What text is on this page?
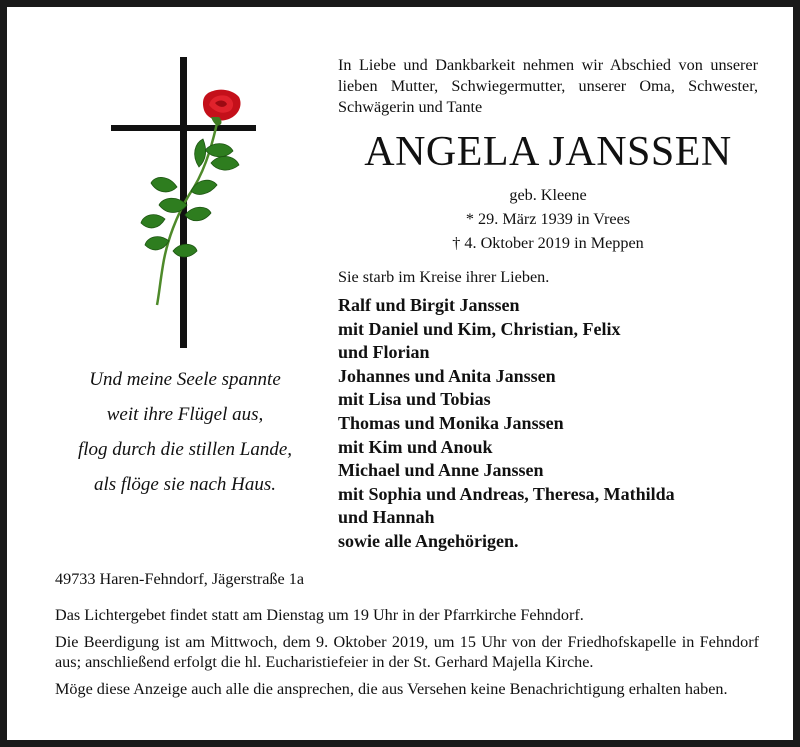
In Liebe und Dankbarkeit nehmen wir Abschied von unserer lieben Mutter, Schwiegermutter, unserer Oma, Schwester, Schwägerin und Tante
ANGELA JANSSEN
geb. Kleene
* 29. März 1939 in Vrees
† 4. Oktober 2019 in Meppen
Sie starb im Kreise ihrer Lieben.
Ralf und Birgit Janssen
mit Daniel und Kim, Christian, Felix
und Florian
Johannes und Anita Janssen
mit Lisa und Tobias
Thomas und Monika Janssen
mit Kim und Anouk
Michael und Anne Janssen
mit Sophia und Andreas, Theresa, Mathilda
und Hannah
sowie alle Angehörigen.
Und meine Seele spannte
weit ihre Flügel aus,
flog durch die stillen Lande,
als flöge sie nach Haus.
49733 Haren-Fehndorf, Jägerstraße 1a

Das Lichtergebet findet statt am Dienstag um 19 Uhr in der Pfarrkirche Fehndorf.

Die Beerdigung ist am Mittwoch, dem 9. Oktober 2019, um 15 Uhr von der Friedhofskapelle in Fehndorf aus; anschließend erfolgt die hl. Eucharistiefeier in der St. Gerhard Majella Kirche.

Möge diese Anzeige auch alle die ansprechen, die aus Versehen keine Benachrichtigung erhalten haben.
